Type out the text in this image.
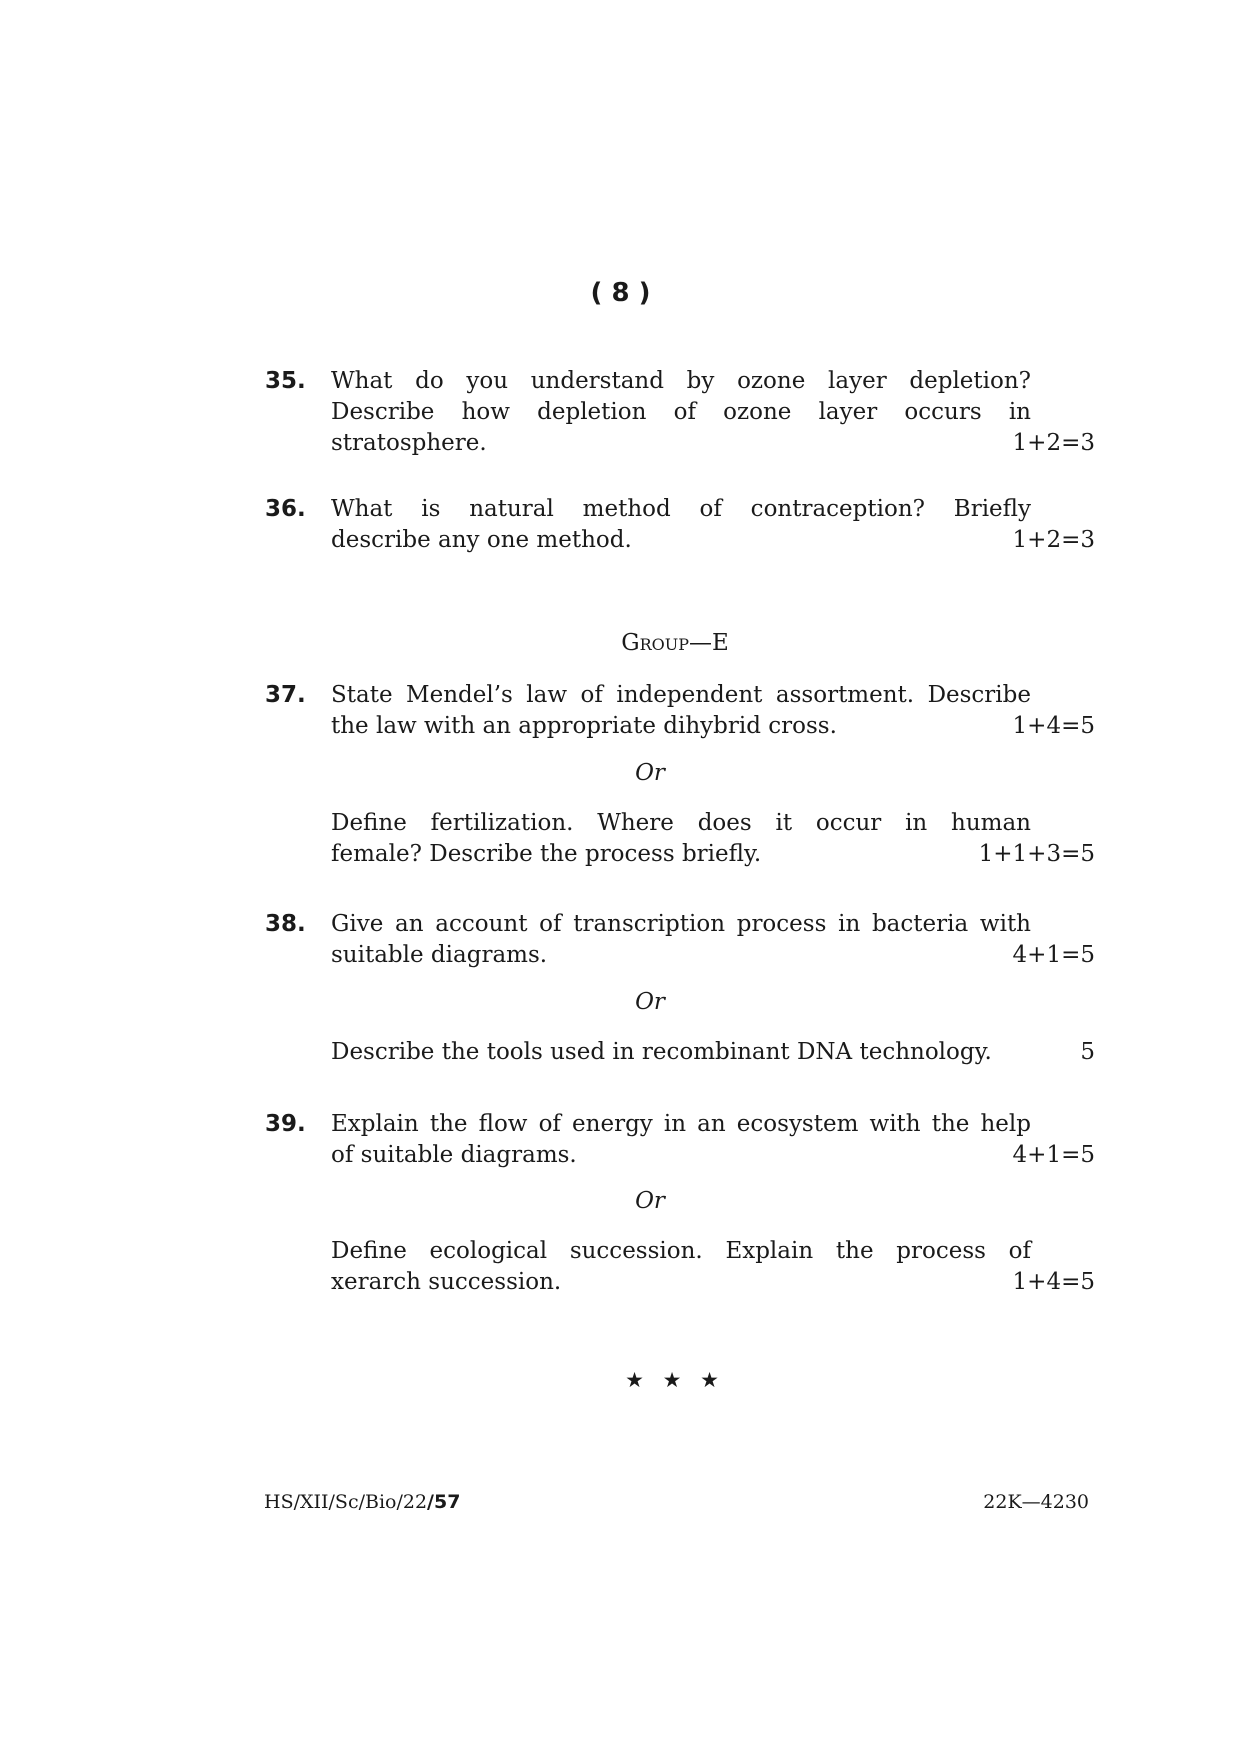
( 8 )
35. What do you understand by ozone layer depletion?
Describe how depletion of ozone layer occurs in
stratosphere.	1+2=3
36. What is natural method of contraception? Briefly
describe any one method.	1+2=3
Group—E
37. State Mendel’s law of independent assortment. Describe
the law with an appropriate dihybrid cross.	1+4=5
Or
Define fertilization. Where does it occur in human
female? Describe the process briefly.	1+1+3=5
38. Give an account of transcription process in bacteria with
suitable diagrams.	4+1=5
Or
Describe the tools used in recombinant DNA technology.	5
39. Explain the flow of energy in an ecosystem with the help
of suitable diagrams.	4+1=5
Or
Define ecological succession. Explain the process of
xerarch succession.	1+4=5
★ ★ ★
HS/XII/Sc/Bio/22/57	22K—4230
